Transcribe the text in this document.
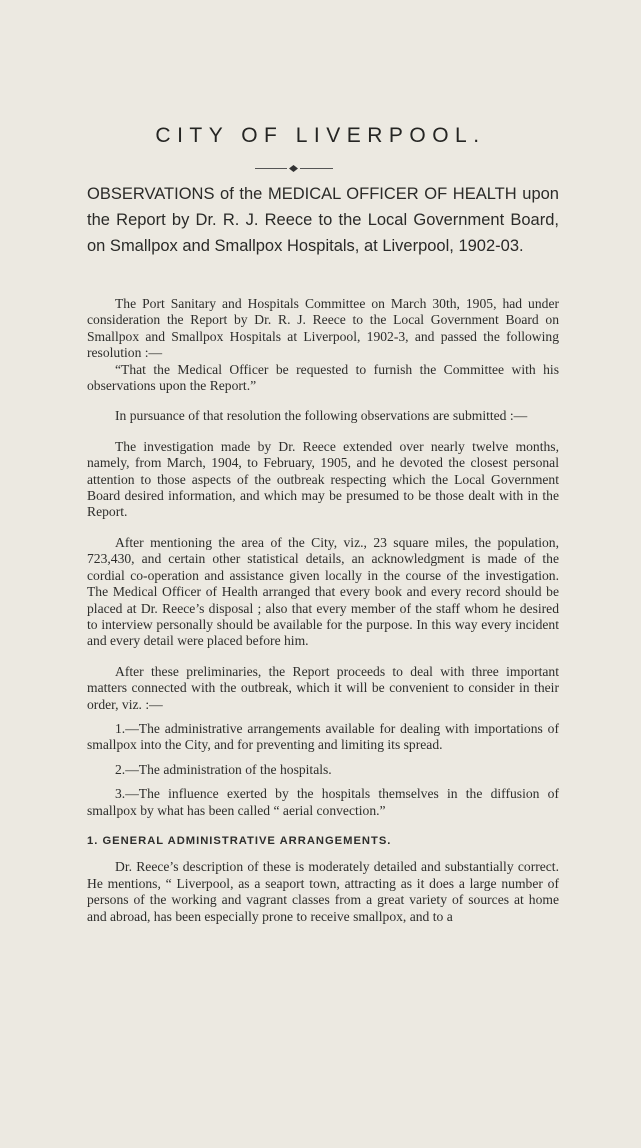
CITY OF LIVERPOOL.
OBSERVATIONS of the MEDICAL OFFICER OF HEALTH upon the Report by Dr. R. J. Reece to the Local Government Board, on Smallpox and Smallpox Hospitals, at Liverpool, 1902-03.

The Port Sanitary and Hospitals Committee on March 30th, 1905, had under consideration the Report by Dr. R. J. Reece to the Local Government Board on Smallpox and Smallpox Hospitals at Liverpool, 1902-3, and passed the following resolution :—

“That the Medical Officer be requested to furnish the Committee with his observations upon the Report.”

In pursuance of that resolution the following observations are submitted :—

The investigation made by Dr. Reece extended over nearly twelve months, namely, from March, 1904, to February, 1905, and he devoted the closest personal attention to those aspects of the outbreak respecting which the Local Government Board desired information, and which may be presumed to be those dealt with in the Report.

After mentioning the area of the City, viz., 23 square miles, the population, 723,430, and certain other statistical details, an acknowledgment is made of the cordial co-operation and assistance given locally in the course of the investigation. The Medical Officer of Health arranged that every book and every record should be placed at Dr. Reece’s disposal ; also that every member of the staff whom he desired to interview personally should be available for the purpose. In this way every incident and every detail were placed before him.

After these preliminaries, the Report proceeds to deal with three important matters connected with the outbreak, which it will be convenient to consider in their order, viz. :—

1.—The administrative arrangements available for dealing with importations of smallpox into the City, and for preventing and limiting its spread.

2.—The administration of the hospitals.

3.—The influence exerted by the hospitals themselves in the diffusion of smallpox by what has been called “ aerial convection.”

1. GENERAL ADMINISTRATIVE ARRANGEMENTS.

Dr. Reece’s description of these is moderately detailed and substantially correct. He mentions, “ Liverpool, as a seaport town, attracting as it does a large number of persons of the working and vagrant classes from a great variety of sources at home and abroad, has been especially prone to receive smallpox, and to a
